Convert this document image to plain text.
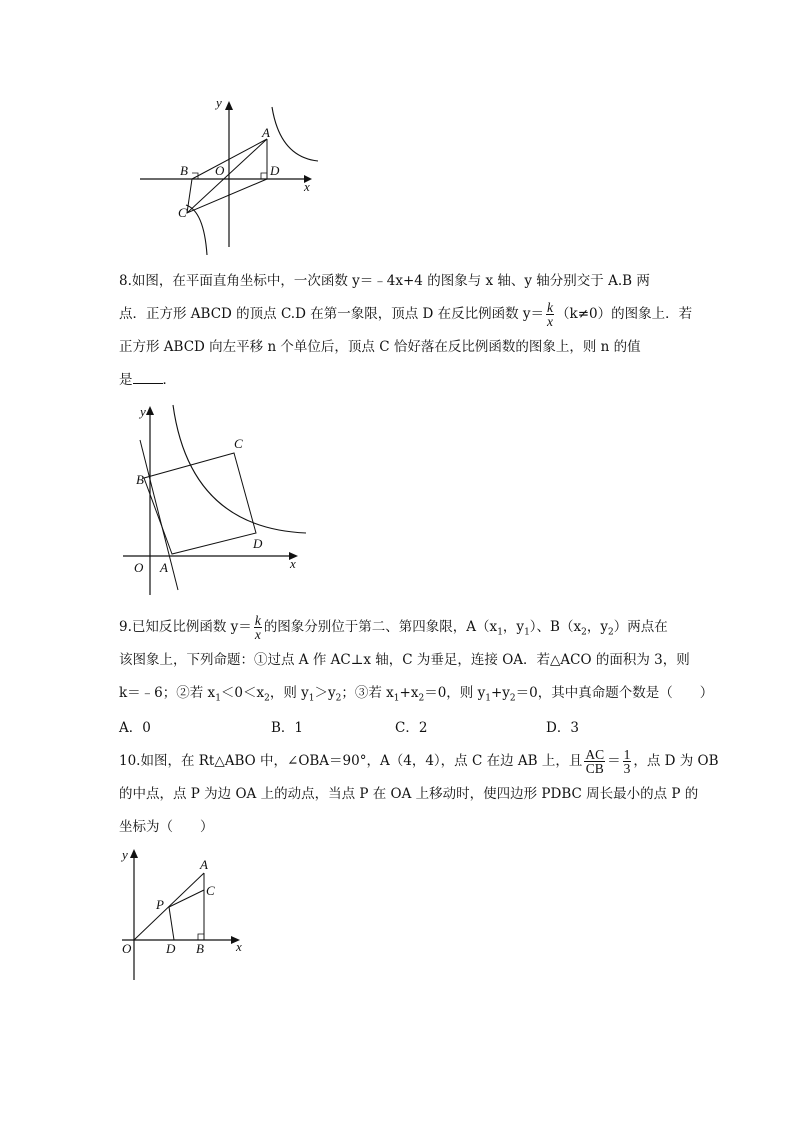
y
x
O
A
B
C
D
8.如图，在平面直角坐标中，一次函数 y＝﹣4x+4 的图象与 x 轴、y 轴分别交于 A.B 两
点．正方形 ABCD 的顶点 C.D 在第一象限，顶点 D 在反比例函数 $y= \frac{k}{x} (k\ne 0)$的图象上．若
正方形 ABCD 向左平移 n 个单位后，顶点 C 恰好落在反比例函数的图象上，则 n 的值
是 ．
y
x
O A
B
C
D
9.已知反比例函数 $y= \frac{k}{x}$ 的图象分别位于第二、第四象限，$A(x_1$，$y_1$）、$B(x_2$，$y_2$）两点在
该图象上，下列命题：①过点 A 作 AC⊥x 轴，C 为垂足，连接 OA．若△ACO 的面积为 3，则
k＝﹣6；②若 $x_1<0<x_2$，则 $y_1>y_2$；③若 $x_1+x_2=0$，则 $y_1+y_2=0$，其中真命题个数是（　　）
A．0	B．1	C．2	D．3
10.如图，在 Rt△ABO 中，∠OBA＝90°，A（4，4），点 C 在边 AB 上，且 $\frac{AC}{CB} = \frac{1}{3}$ ，点 D 为 OB
的中点，点 P 为边 OA 上的动点，当点 P 在 OA 上移动时，使四边形 PDBC 周长最小的点 P 的
坐标为（　　）
y
x
O
A
B
C
D
P
